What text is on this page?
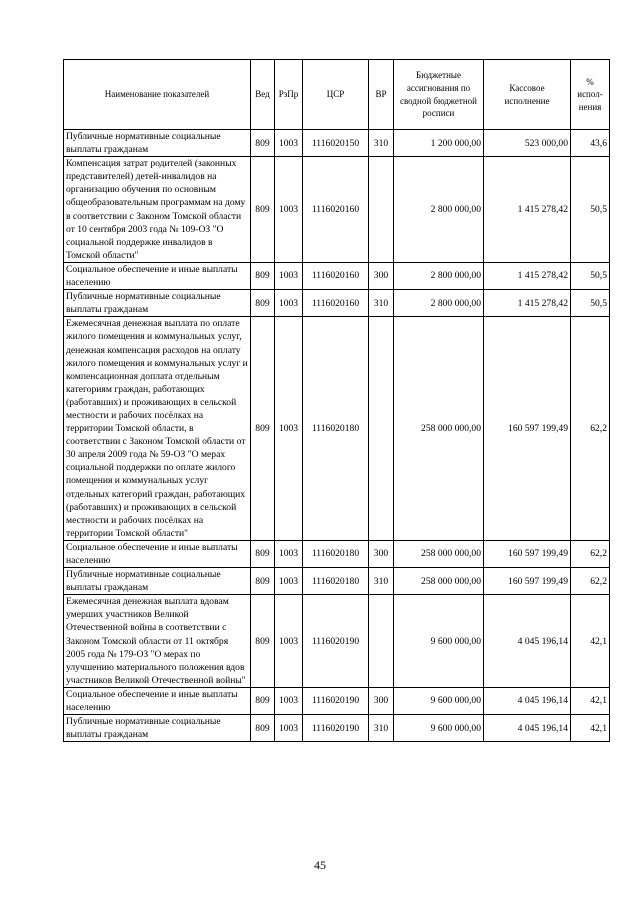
Наименование показателей	Вед	РзПр	ЦСР	ВР	Бюджетные ассигнования по сводной бюджетной росписи	Кассовое исполнение	% испол-нения
Публичные нормативные социальные выплаты гражданам	809	1003	1116020150	310	1 200 000,00	523 000,00	43,6
Компенсация затрат родителей (законных представителей) детей-инвалидов на организацию обучения по основным общеобразовательным программам на дому в соответствии с Законом Томской области от 10 сентября 2003 года № 109-ОЗ "О социальной поддержке инвалидов в Томской области"	809	1003	1116020160		2 800 000,00	1 415 278,42	50,5
Социальное обеспечение и иные выплаты населению	809	1003	1116020160	300	2 800 000,00	1 415 278,42	50,5
Публичные нормативные социальные выплаты гражданам	809	1003	1116020160	310	2 800 000,00	1 415 278,42	50,5
Ежемесячная денежная выплата по оплате жилого помещения и коммунальных услуг, денежная компенсация расходов на оплату жилого помещения и коммунальных услуг и компенсационная доплата отдельным категориям граждан, работающих (работавших) и проживающих в сельской местности и рабочих посёлках на территории Томской области, в соответствии с Законом Томской области от 30 апреля 2009 года № 59-ОЗ "О мерах социальной поддержки по оплате жилого помещения и коммунальных услуг отдельных категорий граждан, работающих (работавших) и проживающих в сельской местности и рабочих посёлках на территории Томской области"	809	1003	1116020180		258 000 000,00	160 597 199,49	62,2
Социальное обеспечение и иные выплаты населению	809	1003	1116020180	300	258 000 000,00	160 597 199,49	62,2
Публичные нормативные социальные выплаты гражданам	809	1003	1116020180	310	258 000 000,00	160 597 199,49	62,2
Ежемесячная денежная выплата вдовам умерших участников Великой Отечественной войны в соответствии с Законом Томской области от 11 октября 2005 года № 179-ОЗ "О мерах по улучшению материального положения вдов участников Великой Отечественной войны"	809	1003	1116020190		9 600 000,00	4 045 196,14	42,1
Социальное обеспечение и иные выплаты населению	809	1003	1116020190	300	9 600 000,00	4 045 196,14	42,1
Публичные нормативные социальные выплаты гражданам	809	1003	1116020190	310	9 600 000,00	4 045 196,14	42,1
45
